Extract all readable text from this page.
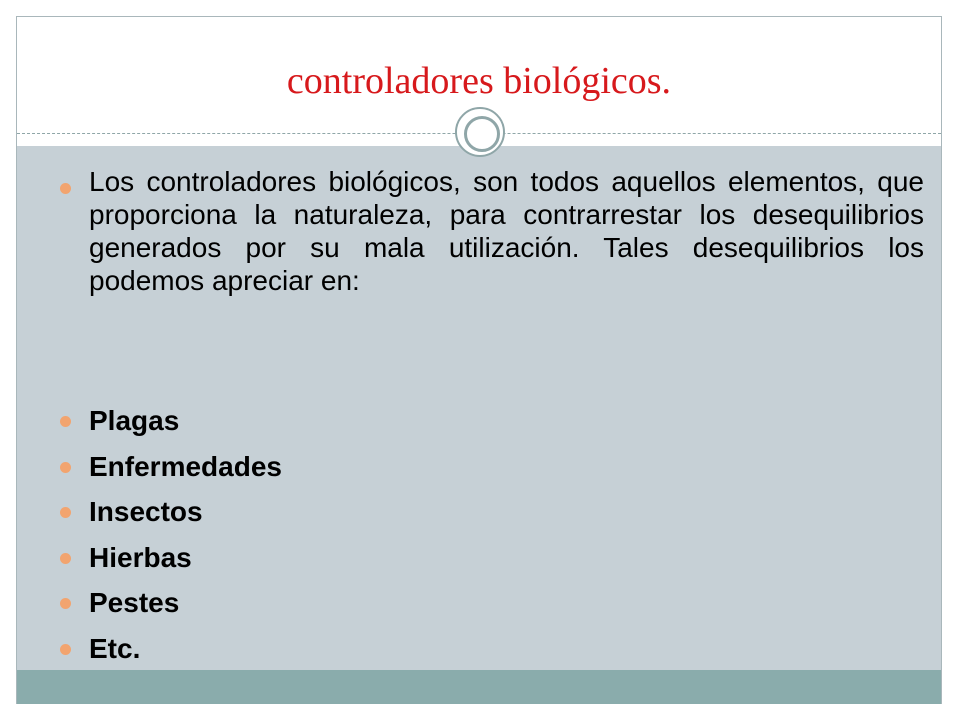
controladores biológicos.

Los controladores biológicos, son todos aquellos elementos, que proporciona la naturaleza, para contrarrestar los desequilibrios generados por su mala utilización. Tales desequilibrios los podemos apreciar en:

Plagas
Enfermedades
Insectos
Hierbas
Pestes
Etc.
